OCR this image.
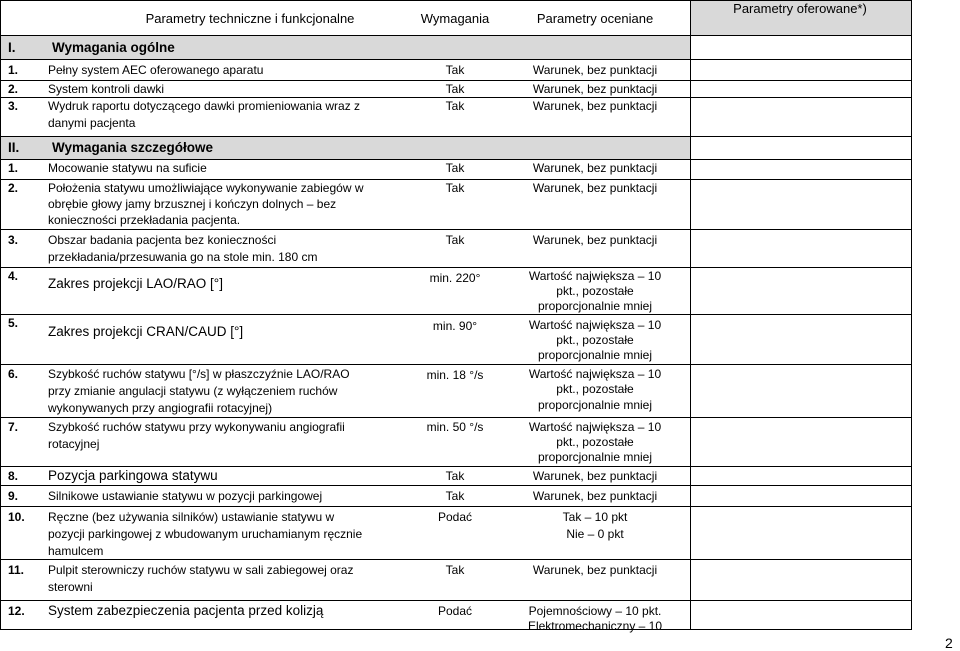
Parametry techniczne i funkcjonalne	Wymagania	Parametry oceniane
Parametry oferowane*)
I.	Wymagania ogólne
1. Pełny system AEC oferowanego aparatu	Tak	Warunek, bez punktacji
2. System kontroli dawki	Tak	Warunek, bez punktacji
3. Wydruk raportu dotyczącego dawki promieniowania wraz z
danymi pacjenta
Tak	Warunek, bez punktacji
II. Wymagania szczegółowe
1. Mocowanie statywu na suficie	Tak	Warunek, bez punktacji
2. Położenia statywu umożliwiające wykonywanie zabiegów w
obrębie głowy jamy brzusznej i kończyn dolnych – bez
konieczności przekładania pacjenta.
Tak	Warunek, bez punktacji
3. Obszar badania pacjenta bez konieczności
przekładania/przesuwania go na stole min. 180 cm
Tak	Warunek, bez punktacji
4. Zakres projekcji LAO/RAO [°]	min. 220°	Wartość największa – 10
pkt., pozostałe
proporcjonalnie mniej
5.
Zakres projekcji CRAN/CAUD [°]	min. 90°	Wartość największa – 10
pkt., pozostałe
proporcjonalnie mniej
6. Szybkość ruchów statywu [°/s] w płaszczyźnie LAO/RAO
przy zmianie angulacji statywu (z wyłączeniem ruchów
wykonywanych przy angiografii rotacyjnej)
min. 18 °/s	Wartość największa – 10
pkt., pozostałe
proporcjonalnie mniej
7. Szybkość ruchów statywu przy wykonywaniu angiografii
rotacyjnej
min. 50 °/s	Wartość największa – 10
pkt., pozostałe
proporcjonalnie mniej
8. Pozycja parkingowa statywu	Tak	Warunek, bez punktacji
9. Silnikowe ustawianie statywu w pozycji parkingowej	Tak	Warunek, bez punktacji
10. Ręczne (bez używania silników) ustawianie statywu w
pozycji parkingowej z wbudowanym uruchamianym ręcznie
hamulcem
Podać	Tak – 10 pkt
Nie – 0 pkt
11. Pulpit sterowniczy ruchów statywu w sali zabiegowej oraz
sterowni
Tak	Warunek, bez punktacji
12. System zabezpieczenia pacjenta przed kolizją	Podać	Pojemnościowy – 10 pkt.
Elektromechaniczny – 10
2
